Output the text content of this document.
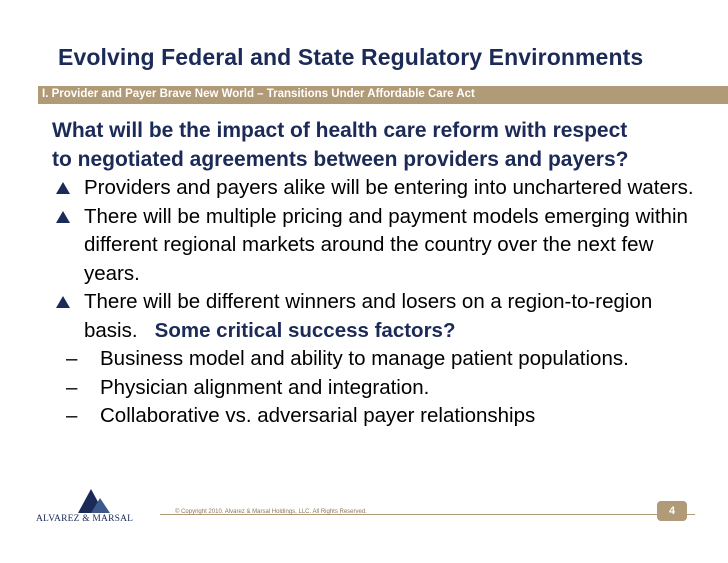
Evolving Federal and State Regulatory Environments
I. Provider and Payer Brave New World – Transitions Under Affordable Care Act
What will be the impact of health care reform with respect
to negotiated agreements between providers and payers?
Providers and payers alike will be entering into unchartered waters.
There will be multiple pricing and payment models emerging within different regional markets around the country over the next few years.
There will be different winners and losers on a region-to-region basis. Some critical success factors?
– Business model and ability to manage patient populations.
– Physician alignment and integration.
– Collaborative vs. adversarial payer relationships
ALVAREZ & MARSAL
© Copyright 2010. Alvarez & Marsal Holdings, LLC. All Rights Reserved.	4
